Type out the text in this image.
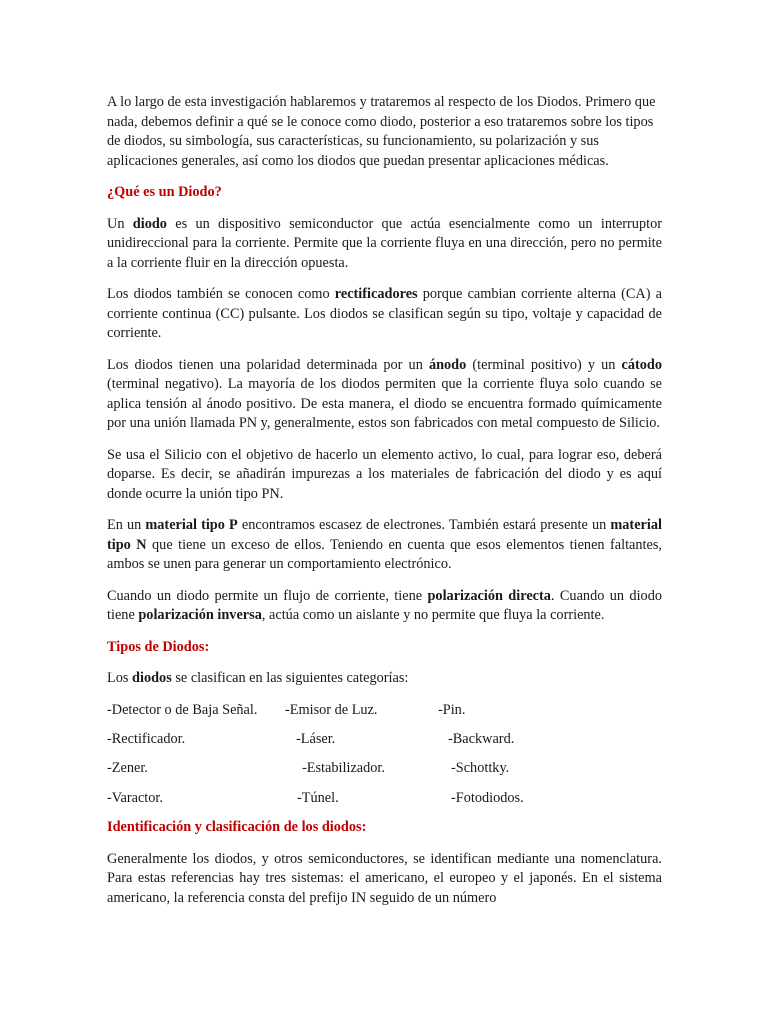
A lo largo de esta investigación hablaremos y trataremos al respecto de los Diodos. Primero que nada, debemos definir a qué se le conoce como diodo, posterior a eso trataremos sobre los tipos de diodos, su simbología, sus características, su funcionamiento, su polarización y sus aplicaciones generales, así como los diodos que puedan presentar aplicaciones médicas.

¿Qué es un Diodo?

Un diodo es un dispositivo semiconductor que actúa esencialmente como un interruptor unidireccional para la corriente. Permite que la corriente fluya en una dirección, pero no permite a la corriente fluir en la dirección opuesta.

Los diodos también se conocen como rectificadores porque cambian corriente alterna (CA) a corriente continua (CC) pulsante. Los diodos se clasifican según su tipo, voltaje y capacidad de corriente.

Los diodos tienen una polaridad determinada por un ánodo (terminal positivo) y un cátodo (terminal negativo). La mayoría de los diodos permiten que la corriente fluya solo cuando se aplica tensión al ánodo positivo. De esta manera, el diodo se encuentra formado químicamente por una unión llamada PN y, generalmente, estos son fabricados con metal compuesto de Silicio.

Se usa el Silicio con el objetivo de hacerlo un elemento activo, lo cual, para lograr eso, deberá doparse. Es decir, se añadirán impurezas a los materiales de fabricación del diodo y es aquí donde ocurre la unión tipo PN.

En un material tipo P encontramos escasez de electrones. También estará presente un material tipo N que tiene un exceso de ellos. Teniendo en cuenta que esos elementos tienen faltantes, ambos se unen para generar un comportamiento electrónico.

Cuando un diodo permite un flujo de corriente, tiene polarización directa. Cuando un diodo tiene polarización inversa, actúa como un aislante y no permite que fluya la corriente.

Tipos de Diodos:

Los diodos se clasifican en las siguientes categorías:

-Detector o de Baja Señal.	-Emisor de Luz.	-Pin.
-Rectificador.	-Láser.	-Backward.
-Zener.	-Estabilizador.	-Schottky.
-Varactor.	-Túnel.	-Fotodiodos.

Identificación y clasificación de los diodos:

Generalmente los diodos, y otros semiconductores, se identifican mediante una nomenclatura. Para estas referencias hay tres sistemas: el americano, el europeo y el japonés. En el sistema americano, la referencia consta del prefijo IN seguido de un número
